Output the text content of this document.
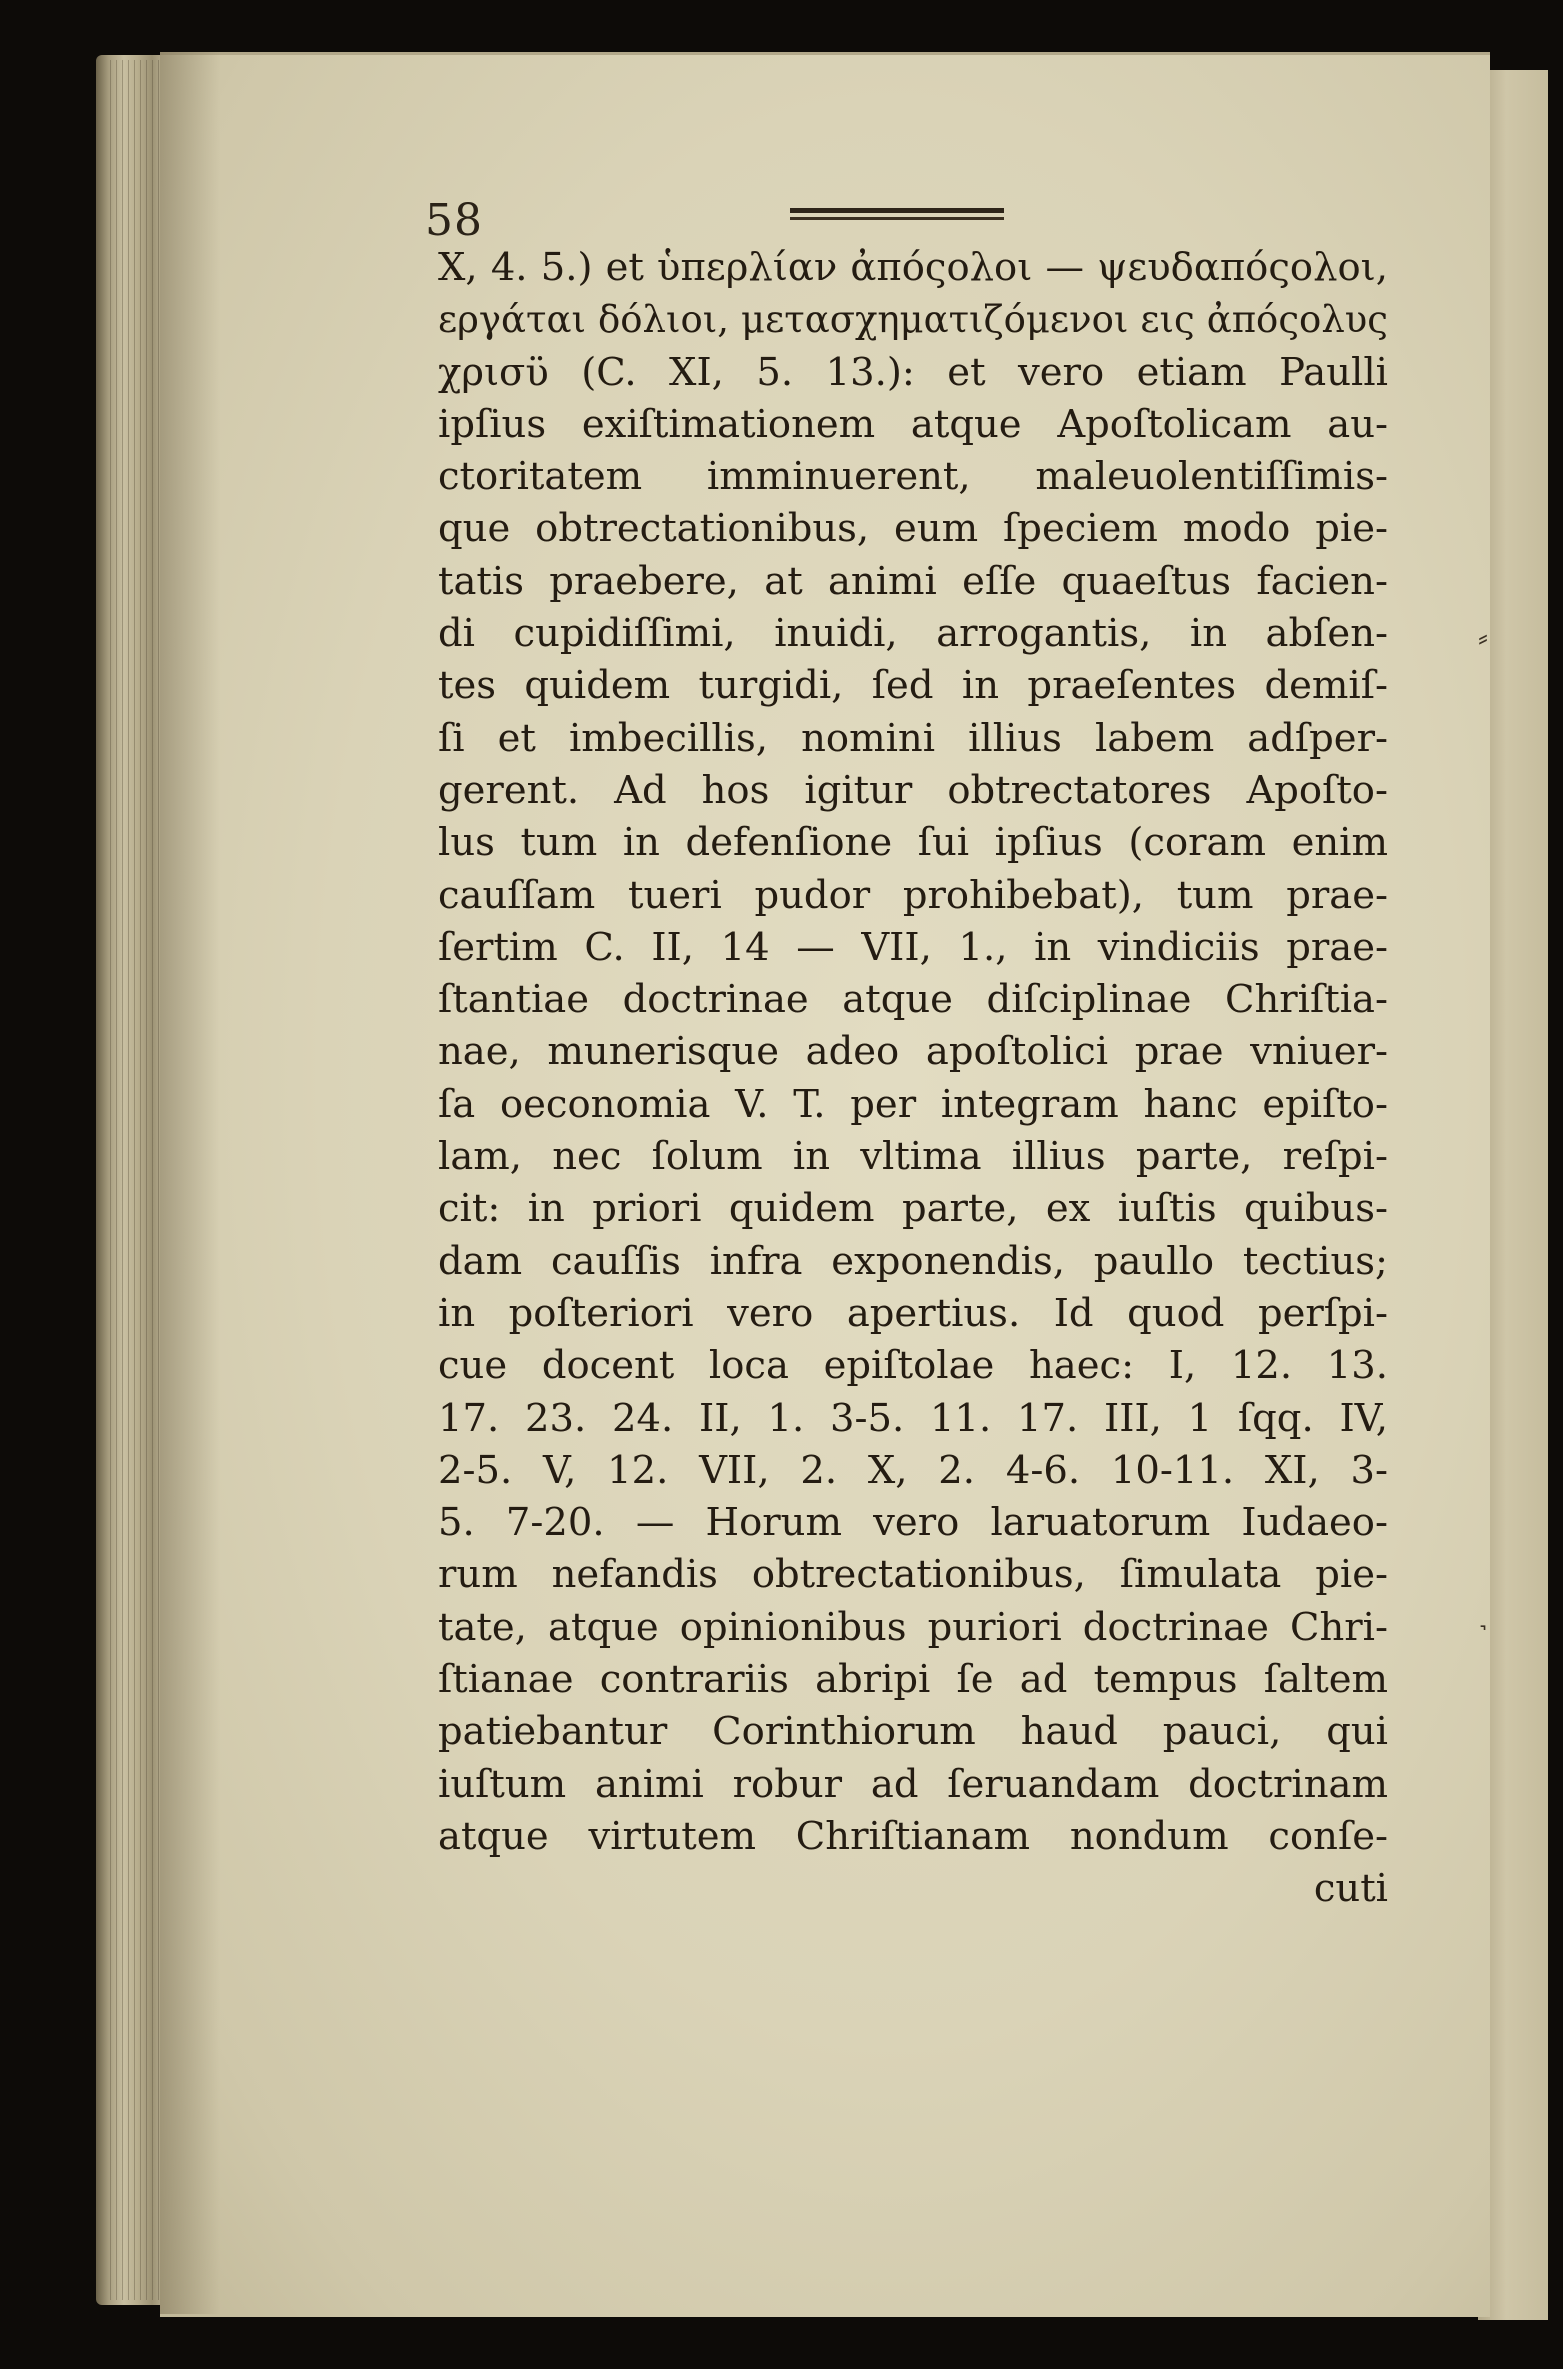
58
X, 4. 5.) et ὑπερλίαν ἀπόςολοι — ψευδαπόςολοι,
εργάται δόλιοι, μετασχηματιζόμενοι εις ἀπόςολυς
χρισϋ (C. XI, 5. 13.): et vero etiam Paulli
ipſius exiſtimationem atque Apoſtolicam au-
ctoritatem imminuerent, maleuolentiſſimis-
que obtrectationibus, eum ſpeciem modo pie-
tatis praebere, at animi eſſe quaeſtus facien-
di cupidiſſimi, inuidi, arrogantis, in abſen-
tes quidem turgidi, ſed in praeſentes demiſ-
ſi et imbecillis, nomini illius labem adſper-
gerent. Ad hos igitur obtrectatores Apoſto-
lus tum in defenſione ſui ipſius (coram enim
cauſſam tueri pudor prohibebat), tum prae-
ſertim C. II, 14 — VII, 1., in vindiciis prae-
ſtantiae doctrinae atque diſciplinae Chriſtia-
nae, munerisque adeo apoſtolici prae vniuer-
ſa oeconomia V. T. per integram hanc epiſto-
lam, nec ſolum in vltima illius parte, reſpi-
cit: in priori quidem parte, ex iuſtis quibus-
dam cauſſis infra exponendis, paullo tectius;
in poſteriori vero apertius. Id quod perſpi-
cue docent loca epiſtolae haec: I, 12. 13.
17. 23. 24. II, 1. 3-5. 11. 17. III, 1 ſqq. IV,
2-5. V, 12. VII, 2. X, 2. 4-6. 10-11. XI, 3-
5. 7-20. — Horum vero laruatorum Iudaeo-
rum nefandis obtrectationibus, ſimulata pie-
tate, atque opinionibus puriori doctrinae Chri-
ſtianae contrariis abripi ſe ad tempus ſaltem
patiebantur Corinthiorum haud pauci, qui
iuſtum animi robur ad ſeruandam doctrinam
atque virtutem Chriſtianam nondum conſe-
cuti
⸗
˺
